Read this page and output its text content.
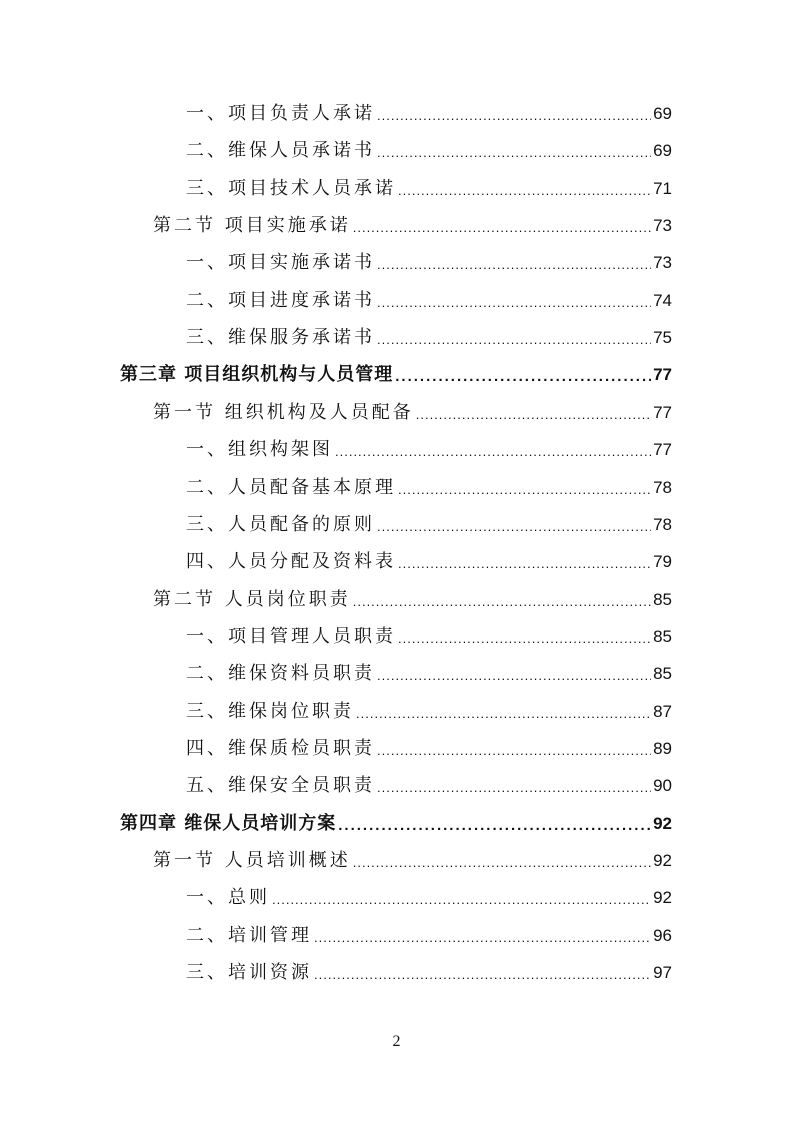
一、项目负责人承诺 .....	69
二、维保人员承诺书 .....	69
三、项目技术人员承诺 .....	71
第二节 项目实施承诺 .....	73
一、项目实施承诺书 .....	73
二、项目进度承诺书 .....	74
三、维保服务承诺书 .....	75
第三章 项目组织机构与人员管理 .....	77
第一节 组织机构及人员配备 .....	77
一、组织构架图 .....	77
二、人员配备基本原理 .....	78
三、人员配备的原则 .....	78
四、人员分配及资料表 .....	79
第二节 人员岗位职责 .....	85
一、项目管理人员职责 .....	85
二、维保资料员职责 .....	85
三、维保岗位职责 .....	87
四、维保质检员职责 .....	89
五、维保安全员职责 .....	90
第四章 维保人员培训方案 .....	92
第一节 人员培训概述 .....	92
一、总则 .....	92
二、培训管理 .....	96
三、培训资源 .....	97
2
